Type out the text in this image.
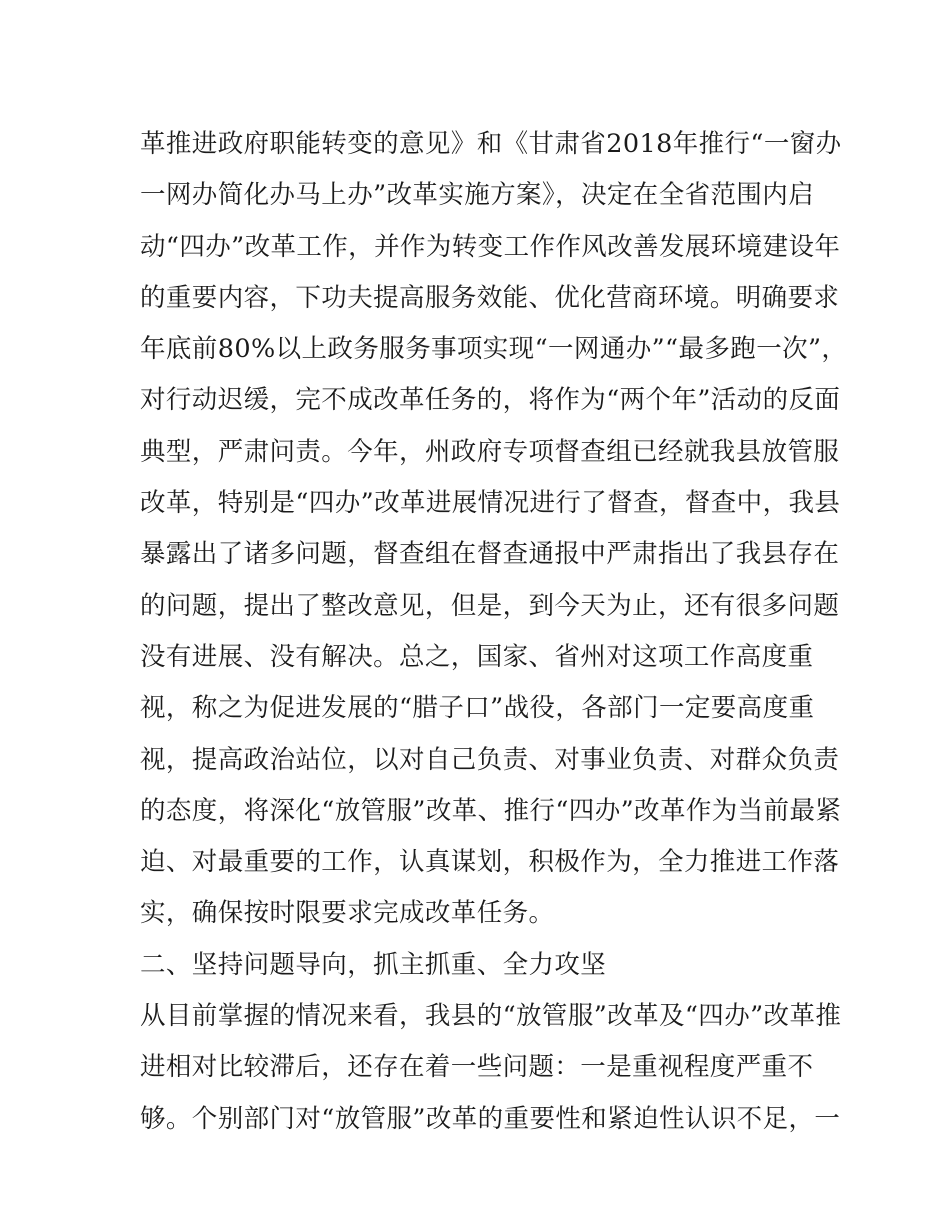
革推进政府职能转变的意见》和《甘肃省2018年推行“一窗办
一网办简化办马上办”改革实施方案》，决定在全省范围内启
动“四办”改革工作，并作为转变工作作风改善发展环境建设年
的重要内容，下功夫提高服务效能、优化营商环境。明确要求
年底前80%以上政务服务事项实现“一网通办”“最多跑一次”，
对行动迟缓，完不成改革任务的，将作为“两个年”活动的反面
典型，严肃问责。今年，州政府专项督查组已经就我县放管服
改革，特别是“四办”改革进展情况进行了督查，督查中，我县
暴露出了诸多问题，督查组在督查通报中严肃指出了我县存在
的问题，提出了整改意见，但是，到今天为止，还有很多问题
没有进展、没有解决。总之，国家、省州对这项工作高度重
视，称之为促进发展的“腊子口”战役，各部门一定要高度重
视，提高政治站位，以对自己负责、对事业负责、对群众负责
的态度，将深化“放管服”改革、推行“四办”改革作为当前最紧
迫、对最重要的工作，认真谋划，积极作为，全力推进工作落
实，确保按时限要求完成改革任务。
二、坚持问题导向，抓主抓重、全力攻坚
从目前掌握的情况来看，我县的“放管服”改革及“四办”改革推
进相对比较滞后，还存在着一些问题：一是重视程度严重不
够。个别部门对“放管服”改革的重要性和紧迫性认识不足，一
